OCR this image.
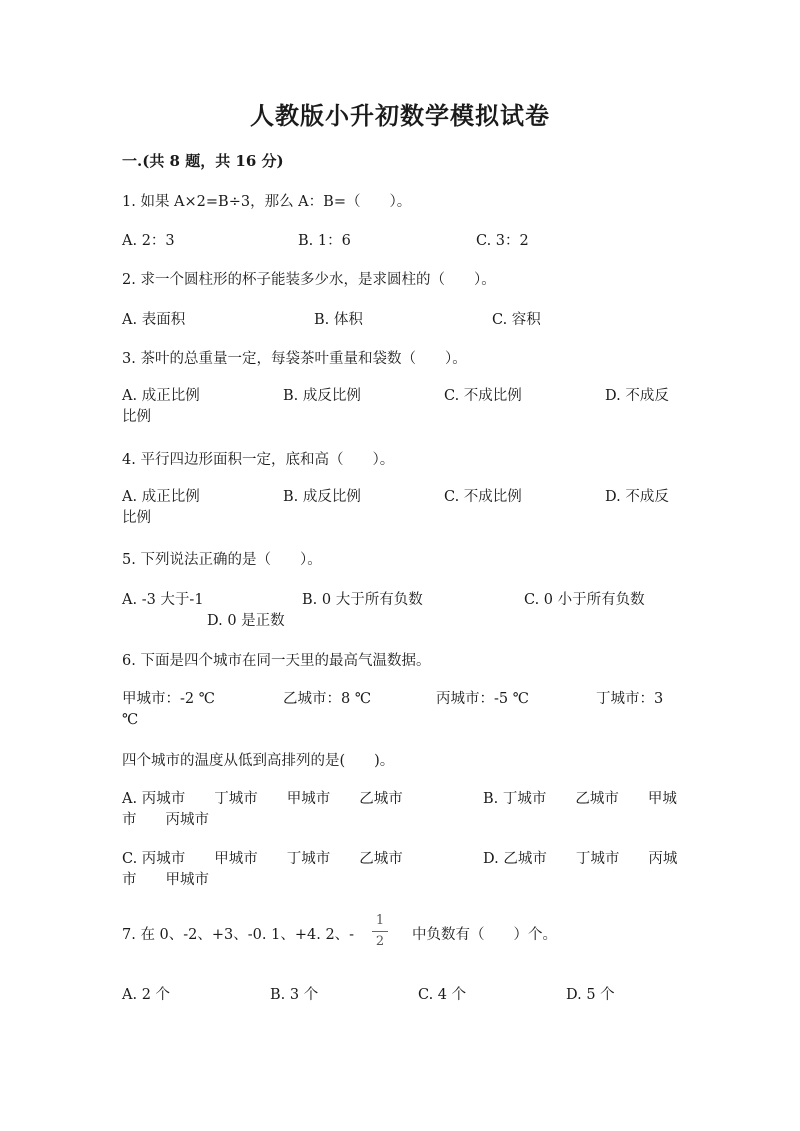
人教版小升初数学模拟试卷
一.(共 8 题，共 16 分)
1. 如果 A×2=B÷3，那么 A：B=（　　）。
A. 2：3	B. 1：6	C. 3：2
2. 求一个圆柱形的杯子能装多少水，是求圆柱的（　　）。
A. 表面积	B. 体积	C. 容积
3. 茶叶的总重量一定，每袋茶叶重量和袋数（　　）。
A. 成正比例	B. 成反比例	C. 不成比例	D. 不成反比例
4. 平行四边形面积一定，底和高（　　）。
A. 成正比例	B. 成反比例	C. 不成比例	D. 不成反比例
5. 下列说法正确的是（　　）。
A. -3 大于-1	B. 0 大于所有负数	C. 0 小于所有负数
D. 0 是正数
6. 下面是四个城市在同一天里的最高气温数据。
甲城市：-2 ℃	乙城市：8 ℃	丙城市：-5 ℃	丁城市：3 ℃
四个城市的温度从低到高排列的是(　　)。
A. 丙城市　　丁城市　　甲城市　　乙城市	B. 丁城市　　乙城市　　甲城市　　丙城市
C. 丙城市　　甲城市　　丁城市　　乙城市	D. 乙城市　　丁城市　　丙城市　　甲城市
7. 在 0、-2、+3、-0. 1、+4. 2、-
1
2 中负数有（　　）个。
A. 2 个	B. 3 个	C. 4 个	D. 5 个
